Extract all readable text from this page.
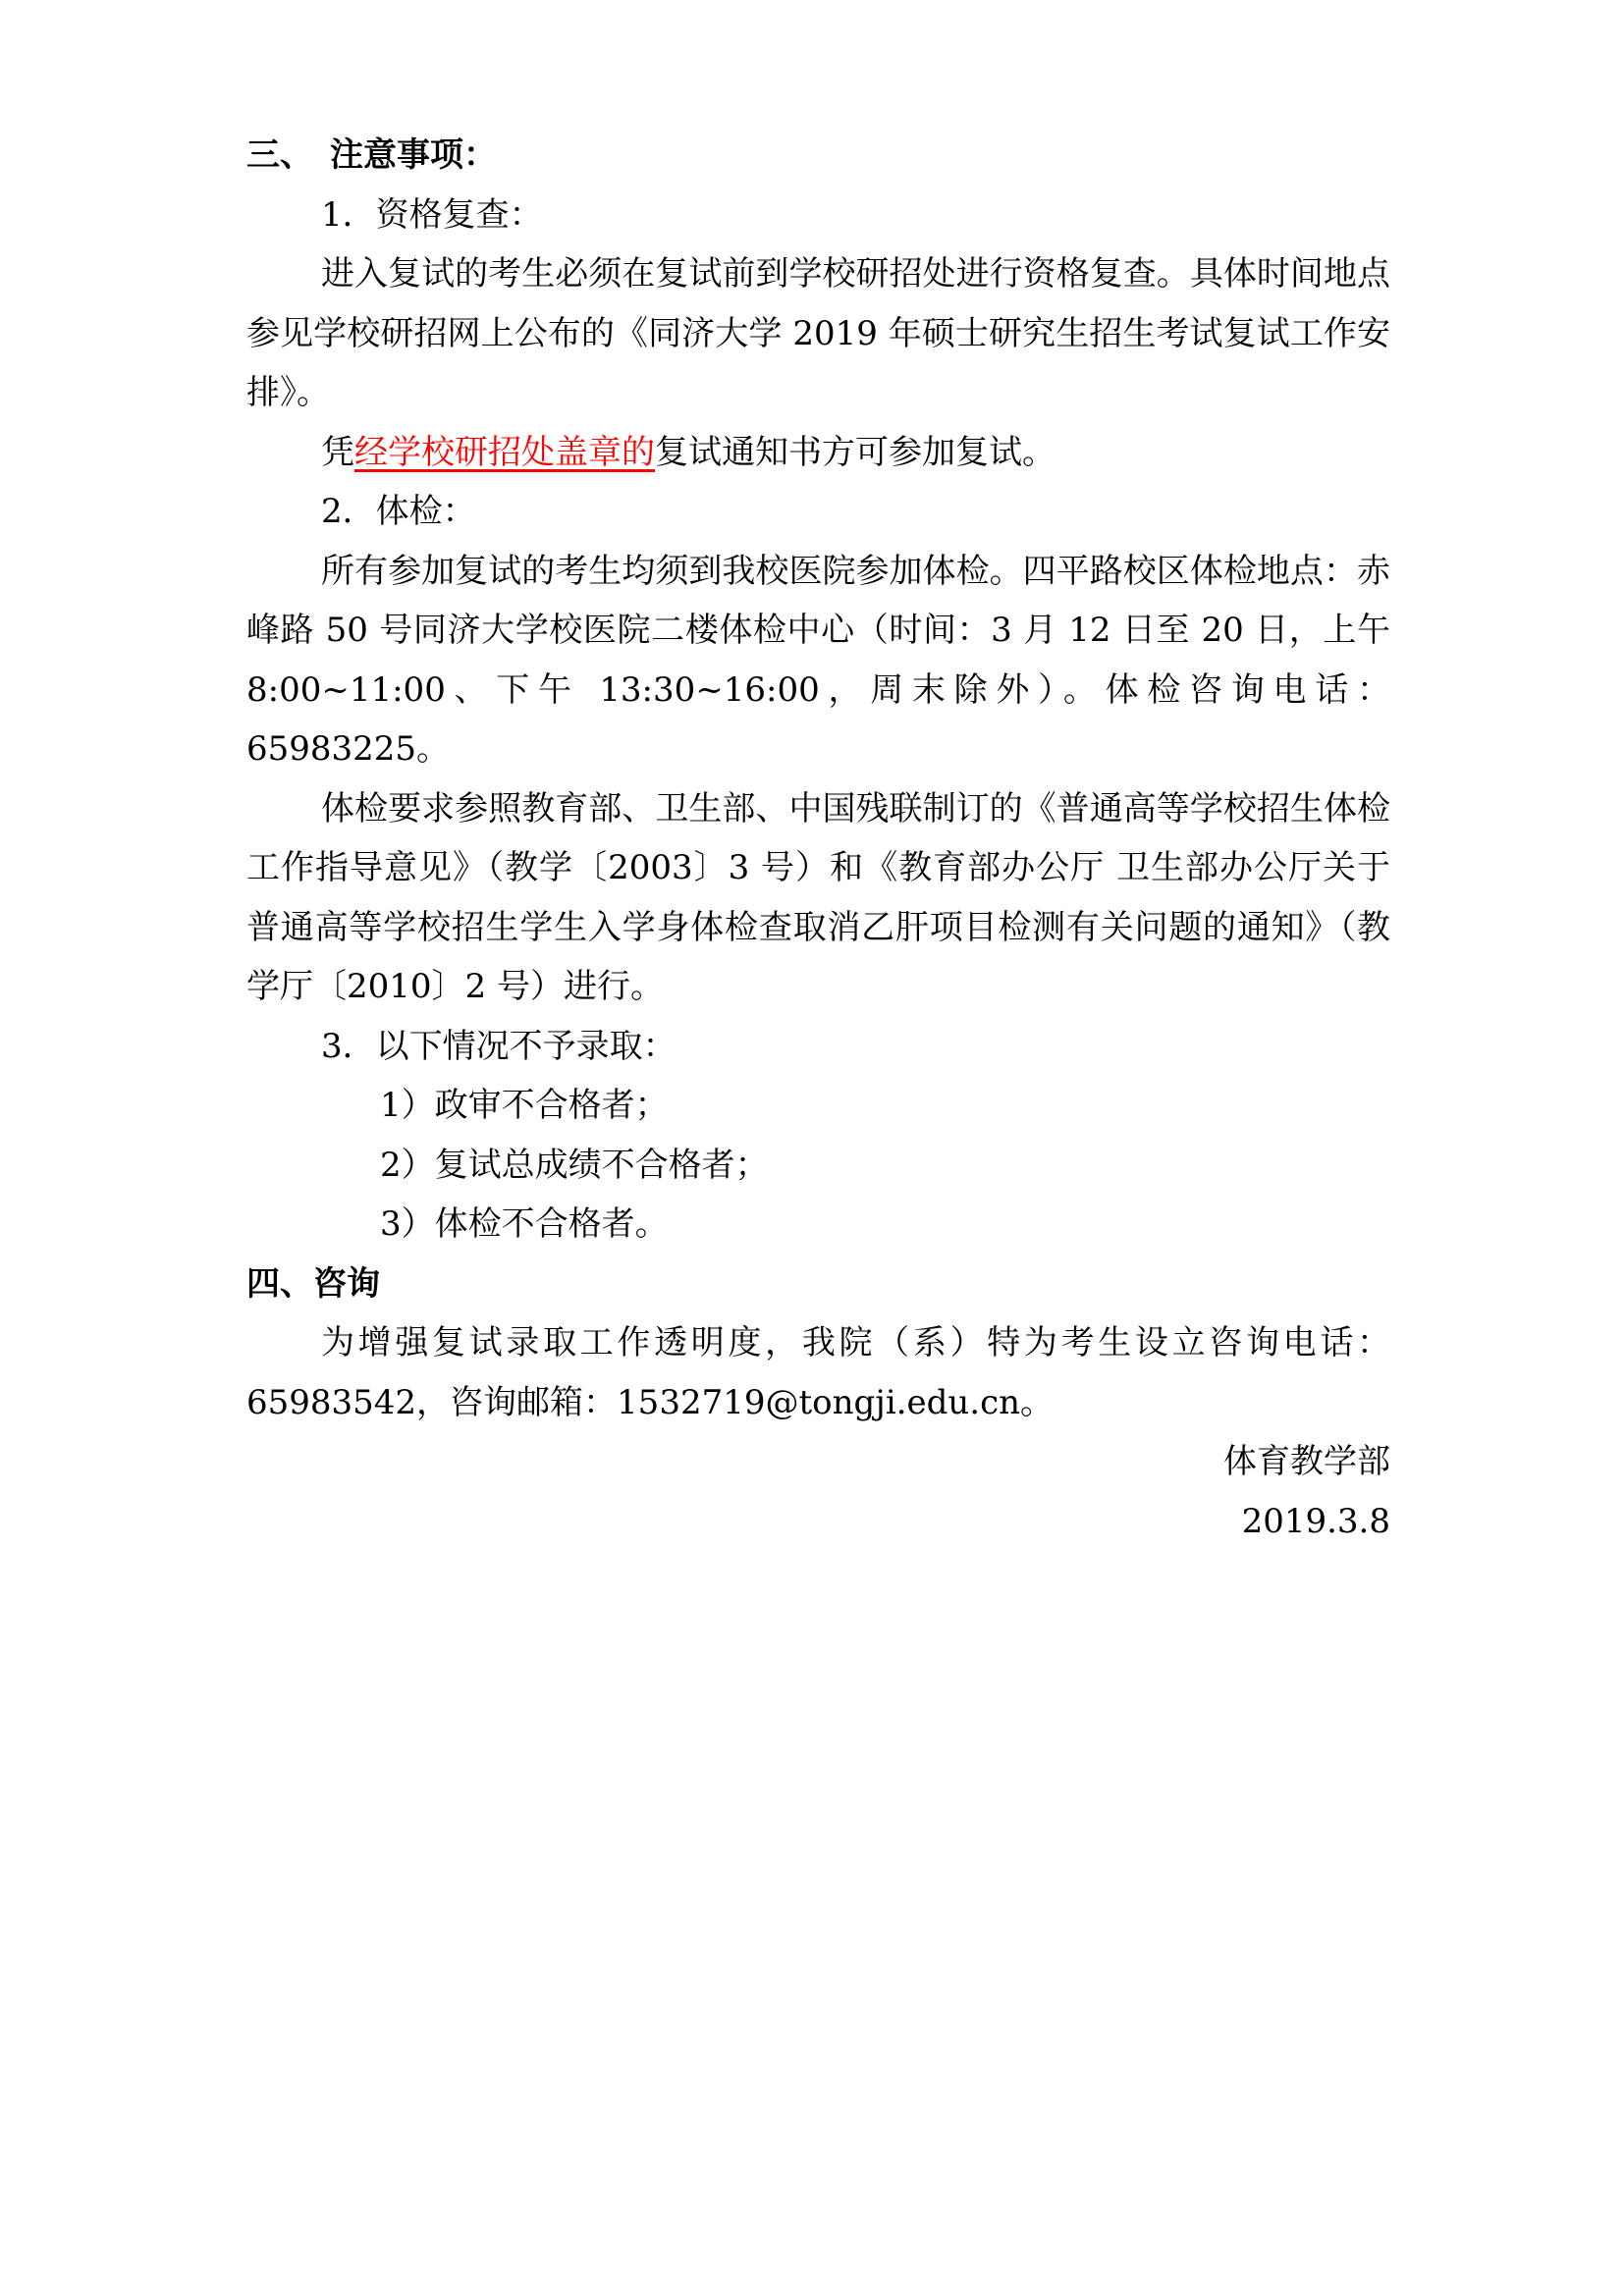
三、　注意事项：
1．资格复查：
进入复试的考生必须在复试前到学校研招处进行资格复查。具体时间地点参见学校研招网上公布的《同济大学 2019 年硕士研究生招生考试复试工作安排》。
凭经学校研招处盖章的复试通知书方可参加复试。
2．体检：
所有参加复试的考生均须到我校医院参加体检。四平路校区体检地点：赤峰路 50 号同济大学校医院二楼体检中心（时间：3 月 12 日至 20 日，上午 8:00~11:00、下午 13:30~16:00，周末除外）。体检咨询电话：65983225。
体检要求参照教育部、卫生部、中国残联制订的《普通高等学校招生体检工作指导意见》（教学〔2003〕3 号）和《教育部办公厅 卫生部办公厅关于普通高等学校招生学生入学身体检查取消乙肝项目检测有关问题的通知》（教学厅〔2010〕2 号）进行。
3．以下情况不予录取：
1）政审不合格者；
2）复试总成绩不合格者；
3）体检不合格者。
四、咨询
为增强复试录取工作透明度，我院（系）特为考生设立咨询电话：65983542，咨询邮箱：1532719@tongji.edu.cn。
体育教学部
2019.3.8
